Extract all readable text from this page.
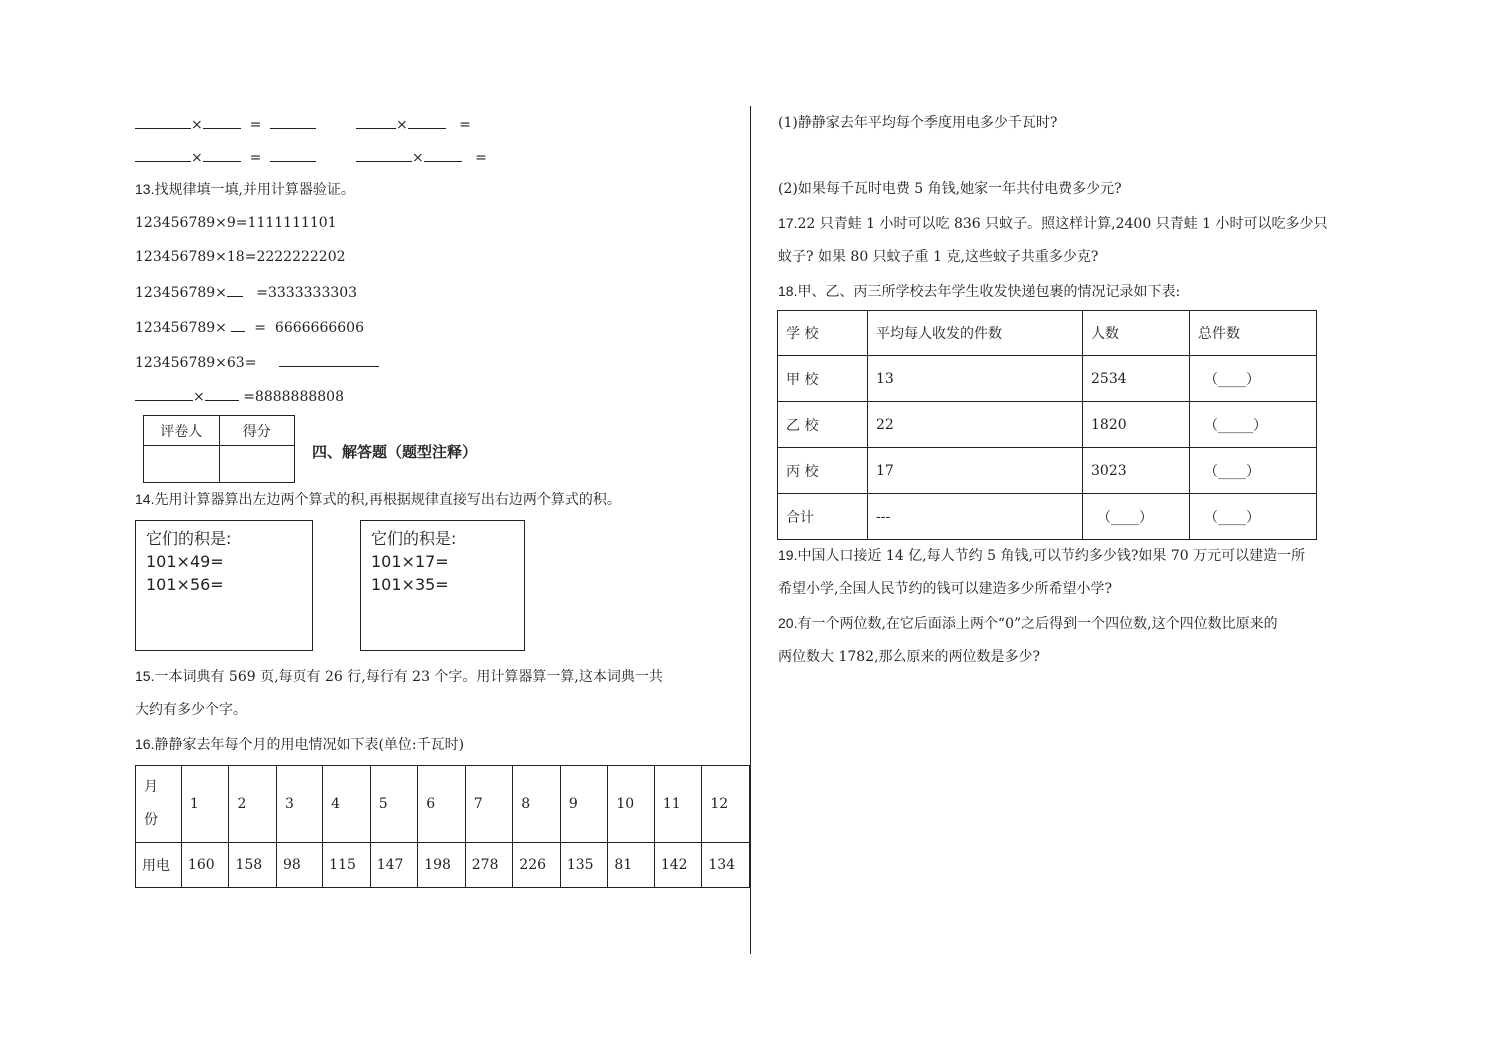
×	=	×	=
×	=	×	=
13.找规律填一填,并用计算器验证。
123456789×9=1111111101
123456789×18=2222222202
123456789× =3333333303
123456789× = 6666666606
123456789×63=
×	=8888888808
评卷人	得分

四、解答题（题型注释）
14.先用计算器算出左边两个算式的积,再根据规律直接写出右边两个算式的积。
它们的积是:
101×49=
101×56=
它们的积是:
101×17=
101×35=
15.一本词典有 569 页,每页有 26 行,每行有 23 个字。用计算器算一算,这本词典一共
大约有多少个字。
16.静静家去年每个月的用电情况如下表(单位:千瓦时)
月
份	1	2	3	4	5	6	7	8	9	10	11	12
用电	160	158	98	115	147	198	278	226	135	81	142	134
(1)静静家去年平均每个季度用电多少千瓦时?
(2)如果每千瓦时电费 5 角钱,她家一年共付电费多少元?
17.22 只青蛙 1 小时可以吃 836 只蚊子。照这样计算,2400 只青蛙 1 小时可以吃多少只
蚊子? 如果 80 只蚊子重 1 克,这些蚊子共重多少克?
18.甲、乙、丙三所学校去年学生收发快递包裹的情况记录如下表:
学 校	平均每人收发的件数	人数	总件数
甲 校	13	2534	（____）
乙 校	22	1820	（_____）
丙 校	17	3023	（____）
合计	---	（____）	（____）
19.中国人口接近 14 亿,每人节约 5 角钱,可以节约多少钱?如果 70 万元可以建造一所
希望小学,全国人民节约的钱可以建造多少所希望小学?
20.有一个两位数,在它后面添上两个“0”之后得到一个四位数,这个四位数比原来的
两位数大 1782,那么原来的两位数是多少?
